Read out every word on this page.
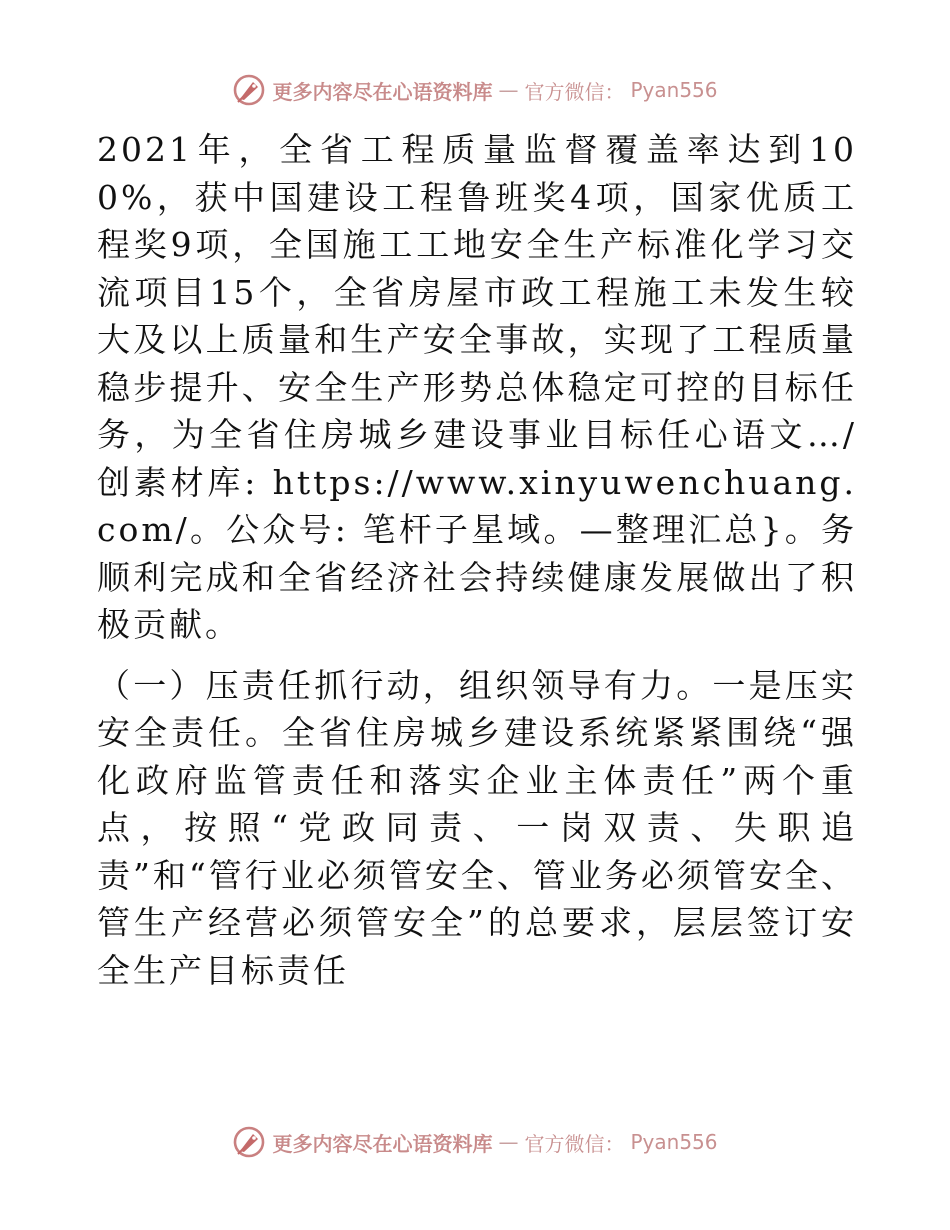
更多内容尽在心语资料库 — 官方微信： Pyan556

2021年，全省工程质量监督覆盖率达到100%，获中国建设工程鲁班奖4项，国家优质工程奖9项，全国施工工地安全生产标准化学习交流项目15个，全省房屋市政工程施工未发生较大及以上质量和生产安全事故，实现了工程质量稳步提升、安全生产形势总体稳定可控的目标任务，为全省住房城乡建设事业目标任心语文…/创素材库: https://www.xinyuwenchuang.com/。公众号: 笔杆子星域。—整理汇总}。务顺利完成和全省经济社会持续健康发展做出了积极贡献。

（一）压责任抓行动，组织领导有力。一是压实安全责任。全省住房城乡建设系统紧紧围绕“强化政府监管责任和落实企业主体责任”两个重点，按照“党政同责、一岗双责、失职追责”和“管行业必须管安全、管业务必须管安全、管生产经营必须管安全”的总要求，层层签订安全生产目标责任

更多内容尽在心语资料库 — 官方微信： Pyan556
